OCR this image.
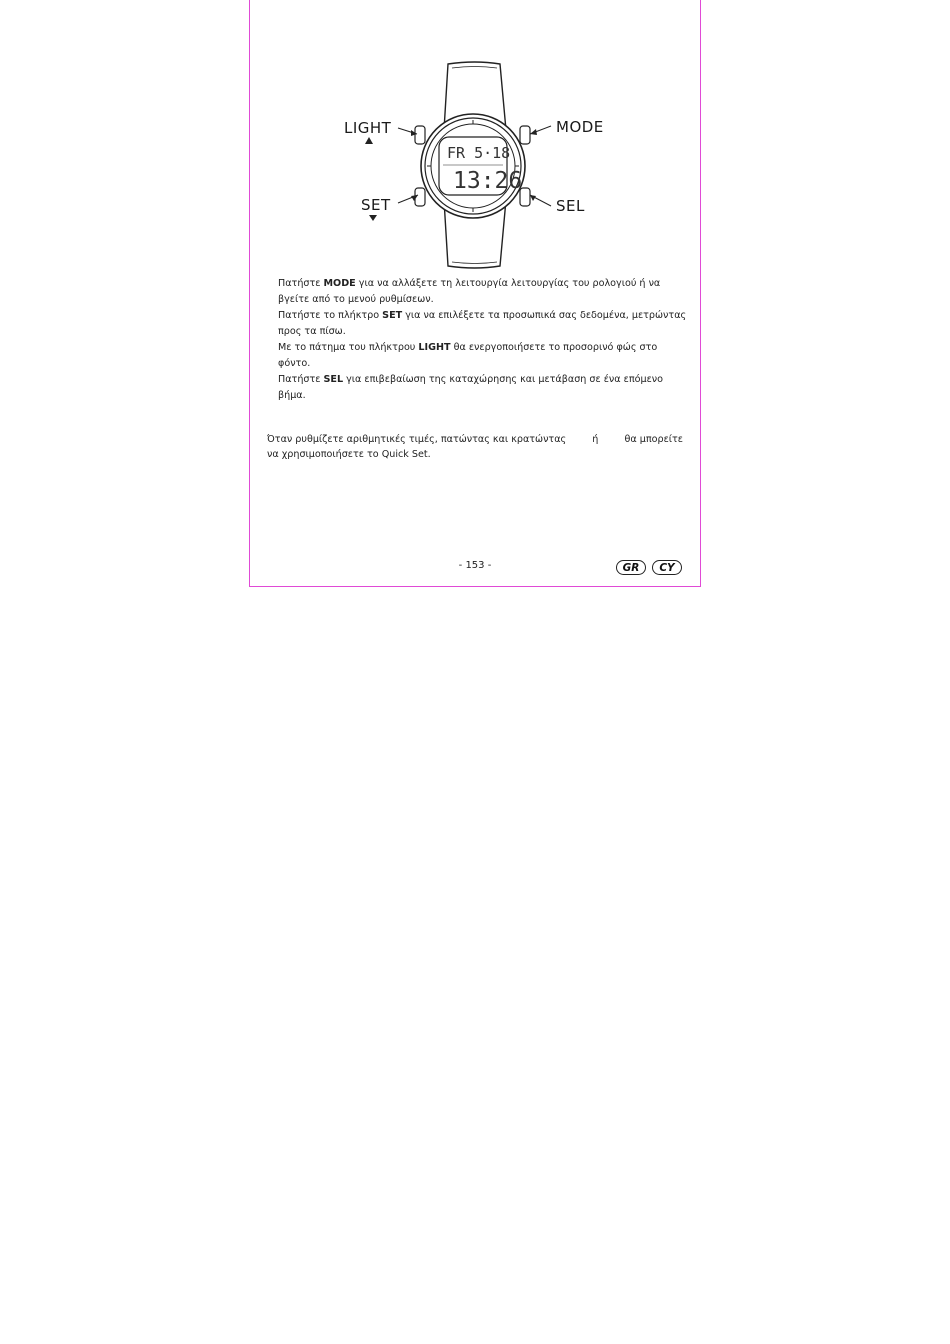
FR 5·18
13:26
LIGHT	MODE
SET	SEL
Πατήστε MODE για να αλλάξετε τη λειτουργία λειτουργίας του ρολογιού ή να βγείτε από το μενού ρυθμίσεων.
Πατήστε το πλήκτρο SET για να επιλέξετε τα προσωπικά σας δεδομένα, μετρώντας προς τα πίσω.
Με το πάτημα του πλήκτρου LIGHT θα ενεργοποιήσετε το προσορινό φώς στο φόντο.
Πατήστε SEL για επιβεβαίωση της καταχώρησης και μετάβαση σε ένα επόμενο βήμα.
Όταν ρυθμίζετε αριθμητικές τιμές, πατώντας και κρατώντας	ή	θα μπορείτε
να χρησιμοποιήσετε το Quick Set.
- 153 -	GR	CY
